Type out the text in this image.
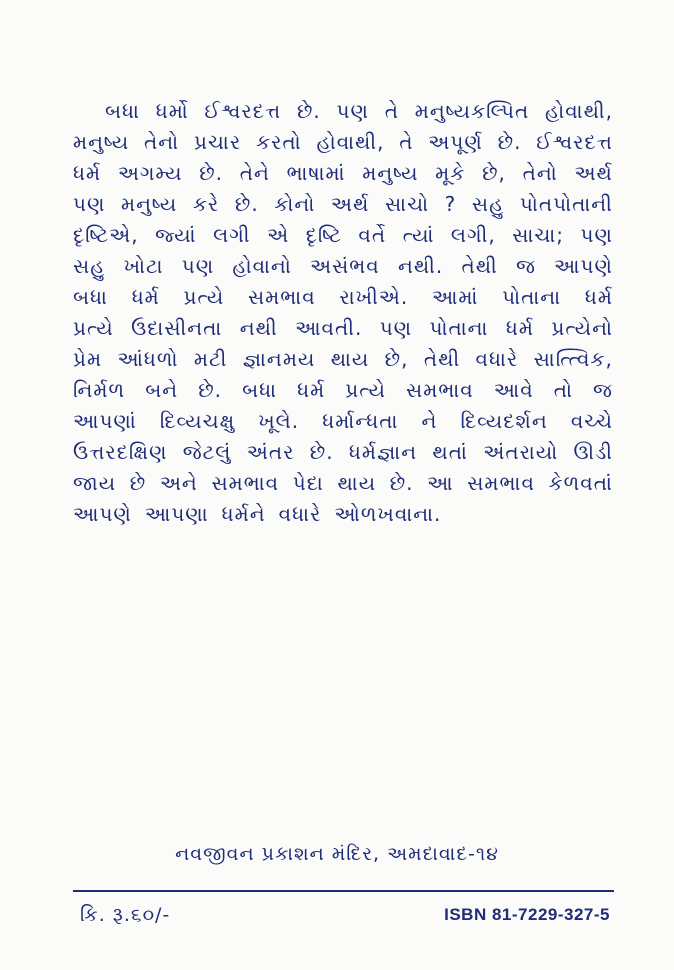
બધા ધર્મો ઈશ્વરદત્ત છે. પણ તે મનુષ્યકલ્પિત હોવાથી,
મનુષ્ય તેનો પ્રચાર કરતો હોવાથી, તે અપૂર્ણ છે. ઈશ્વરદત્ત
ધર્મ અગમ્ય છે. તેને ભાષામાં મનુષ્ય મૂકે છે, તેનો અર્થ
પણ મનુષ્ય કરે છે. કોનો અર્થ સાચો ? સહુ પોતપોતાની
દૃષ્ટિએ, જ્યાં લગી એ દૃષ્ટિ વર્તે ત્યાં લગી, સાચા; પણ
સહુ ખોટા પણ હોવાનો અસંભવ નથી. તેથી જ આપણે
બધા ધર્મ પ્રત્યે સમભાવ રાખીએ. આમાં પોતાના ધર્મ
પ્રત્યે ઉદાસીનતા નથી આવતી. પણ પોતાના ધર્મ પ્રત્યેનો
પ્રેમ આંધળો મટી જ્ઞાનમય થાય છે, તેથી વધારે સાત્ત્વિક,
નિર્મળ બને છે. બધા ધર્મ પ્રત્યે સમભાવ આવે તો જ
આપણાં દિવ્યચક્ષુ ખૂલે. ધર્માન્ધતા ને દિવ્યદર્શન વચ્ચે
ઉત્તરદક્ષિણ જેટલું અંતર છે. ધર્મજ્ઞાન થતાં અંતરાયો ઊડી
જાય છે અને સમભાવ પેદા થાય છે. આ સમભાવ કેળવતાં
આપણે આપણા ધર્મને વધારે ઓળખવાના.
નવજીવન પ્રકાશન મંદિર, અમદાવાદ-૧૪
કિ. રૂ.૬૦/-	ISBN 81-7229-327-5
